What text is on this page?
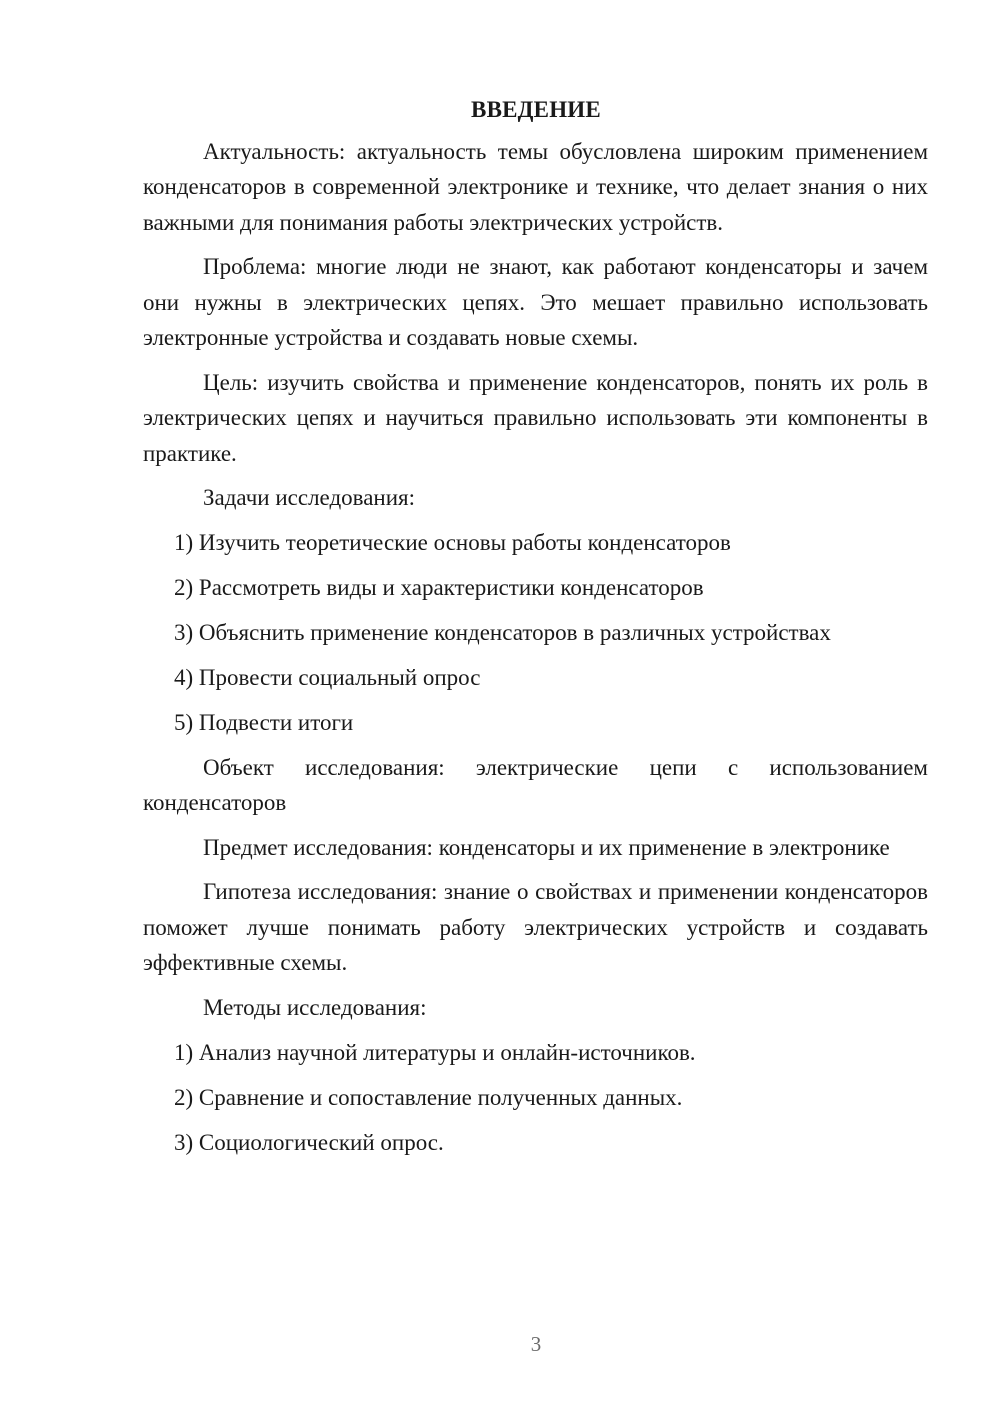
ВВЕДЕНИЕ

Актуальность: актуальность темы обусловлена широким применением конденсаторов в современной электронике и технике, что делает знания о них важными для понимания работы электрических устройств.

Проблема: многие люди не знают, как работают конденсаторы и зачем они нужны в электрических цепях. Это мешает правильно использовать электронные устройства и создавать новые схемы.

Цель: изучить свойства и применение конденсаторов, понять их роль в электрических цепях и научиться правильно использовать эти компоненты в практике.

Задачи исследования:

1) Изучить теоретические основы работы конденсаторов
2) Рассмотреть виды и характеристики конденсаторов
3) Объяснить применение конденсаторов в различных устройствах
4) Провести социальный опрос
5) Подвести итоги

Объект исследования: электрические цепи с использованием конденсаторов

Предмет исследования: конденсаторы и их применение в электронике

Гипотеза исследования: знание о свойствах и применении конденсаторов поможет лучше понимать работу электрических устройств и создавать эффективные схемы.

Методы исследования:

1) Анализ научной литературы и онлайн-источников.
2) Сравнение и сопоставление полученных данных.
3) Социологический опрос.
3
